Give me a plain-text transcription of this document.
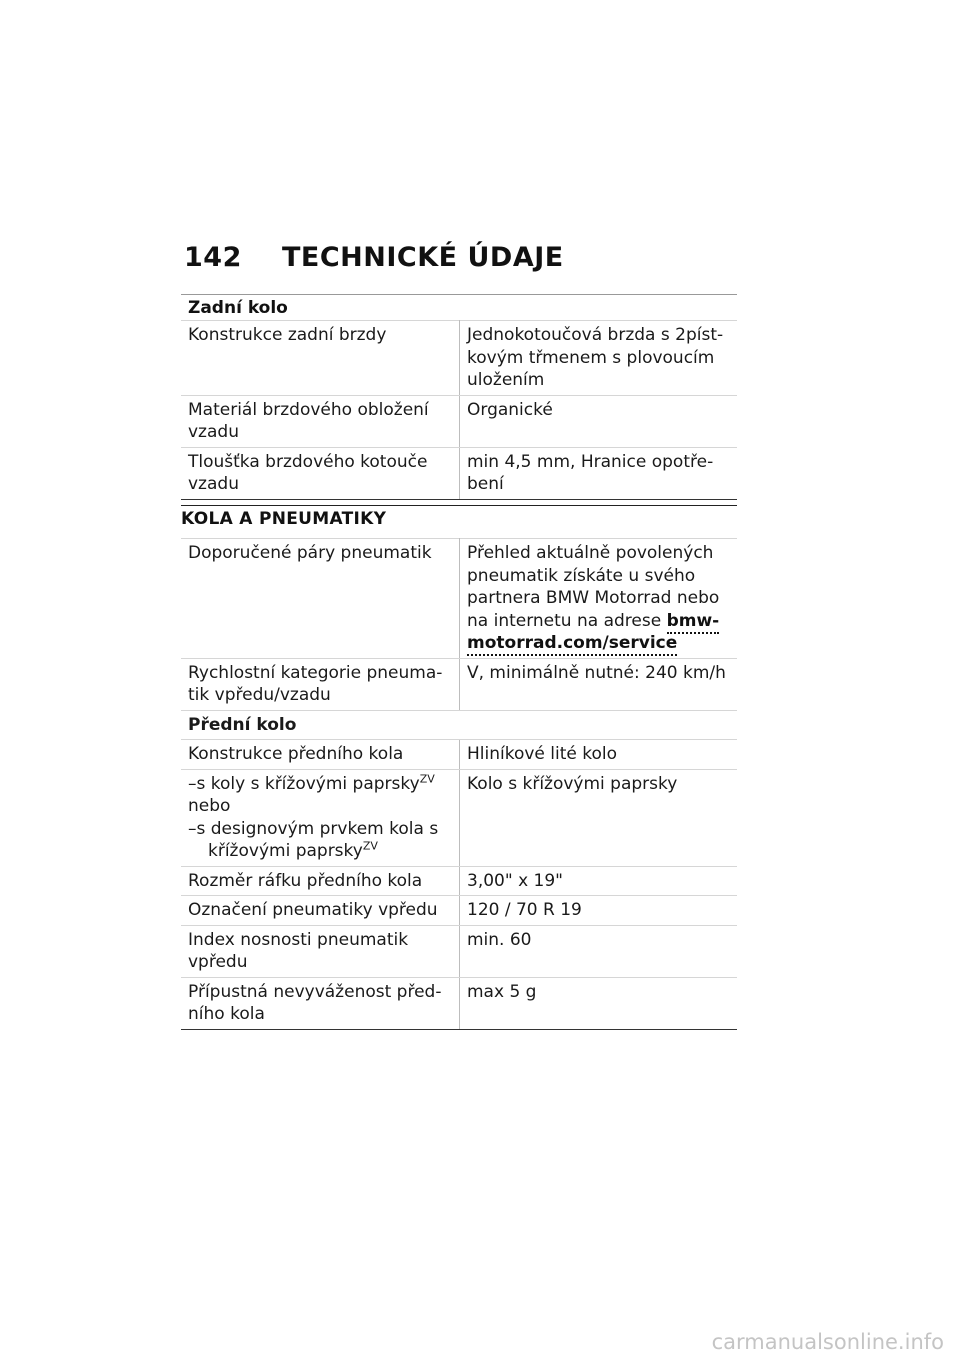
142 TECHNICKÉ ÚDAJE
Zadní kolo
Konstrukce zadní brzdy	Jednokotoučová brzda s 2pístkovým třmenem s plovoucím uložením
Materiál brzdového obložení vzadu	Organické
Tloušťka brzdového kotouče vzadu	min 4,5 mm, Hranice opotřebení
KOLA A PNEUMATIKY
Doporučené páry pneumatik	Přehled aktuálně povolených pneumatik získáte u svého partnera BMW Motorrad nebo na internetu na adrese bmw-motorrad.com/service
Rychlostní kategorie pneumatik vpředu/vzadu	V, minimálně nutné: 240 km/h
Přední kolo	
Konstrukce předního kola	Hliníkové lité kolo

–s koly s křížovými paprsky$^{ZV}$
nebo
–s designovým prvkem kola s křížovými paprsky$^{ZV}$	Kolo s křížovými paprsky
Rozměr ráfku předního kola	3,00" x 19"
Označení pneumatiky vpředu	120 / 70 R 19
Index nosnosti pneumatik vpředu	min. 60
Přípustná nevyváženost předního kola	max 5 g
carmanualsonline.info
